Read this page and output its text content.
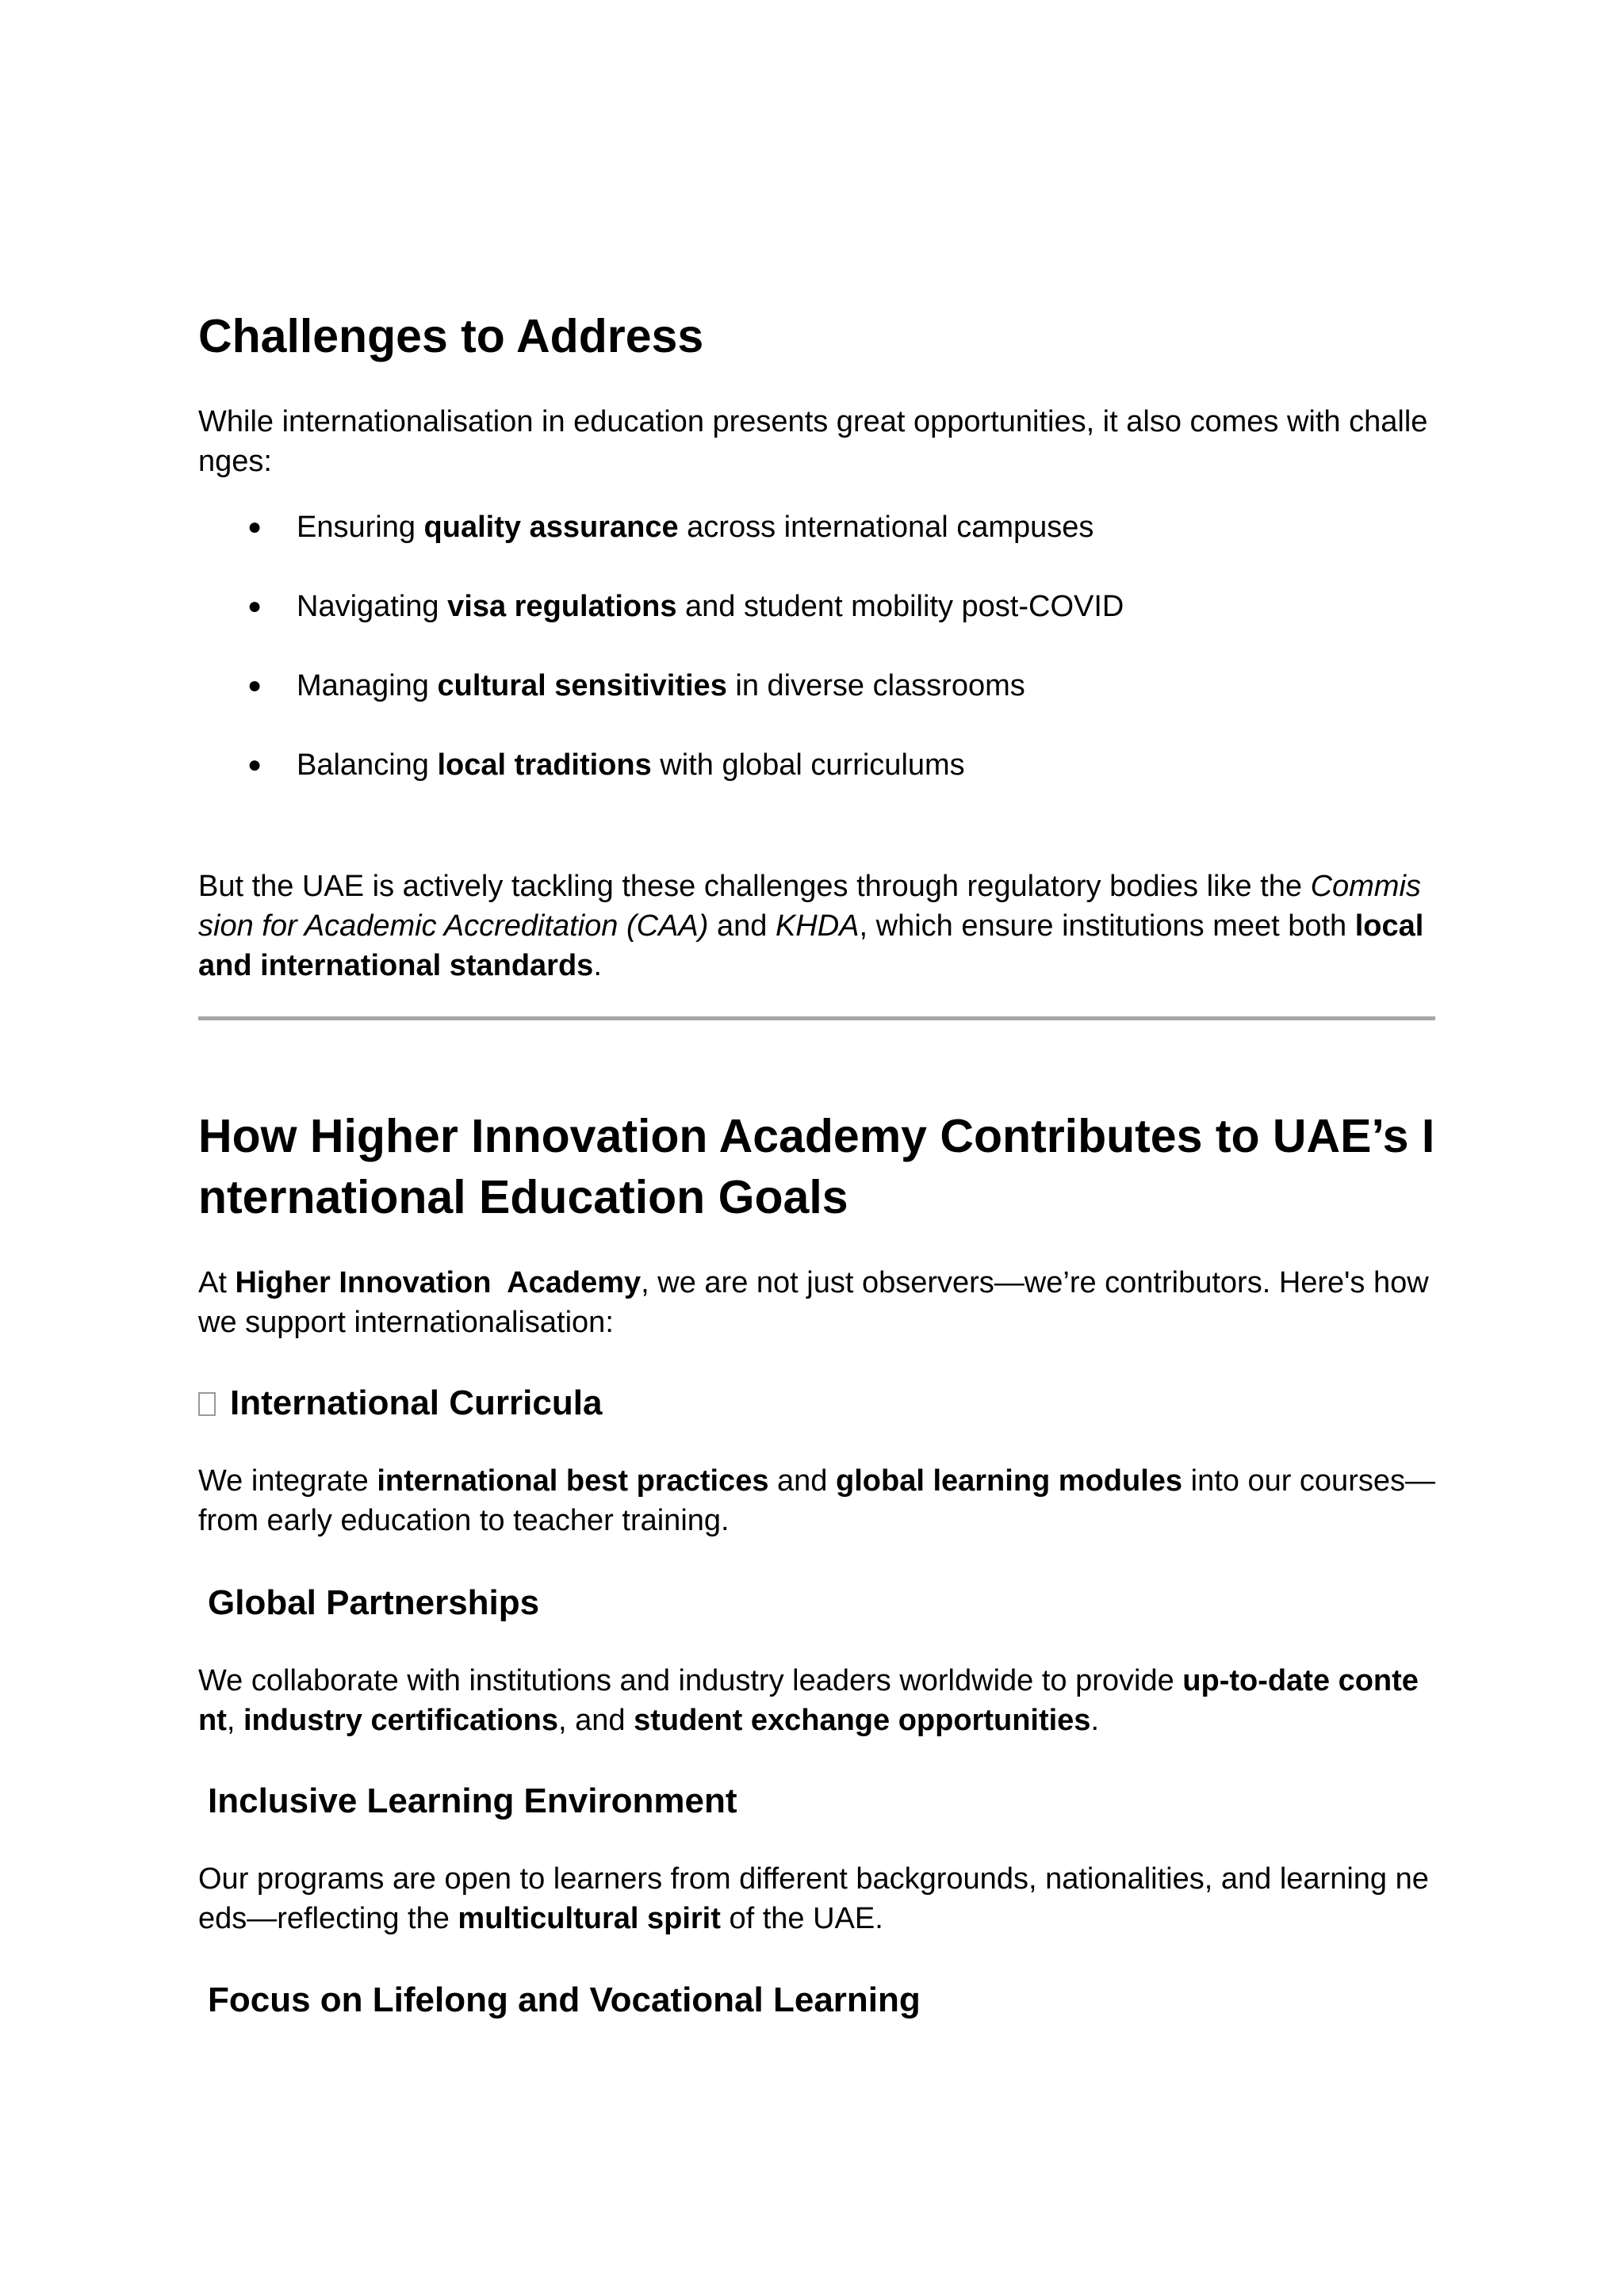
Challenges to Address

While internationalisation in education presents great opportunities, it also comes with challenges:

● Ensuring quality assurance across international campuses
● Navigating visa regulations and student mobility post-COVID
● Managing cultural sensitivities in diverse classrooms
● Balancing local traditions with global curriculums

But the UAE is actively tackling these challenges through regulatory bodies like the Commission for Academic Accreditation (CAA) and KHDA, which ensure institutions meet both local and international standards.

How Higher Innovation Academy Contributes to UAE’s International Education Goals

At Higher Innovation  Academy, we are not just observers—we’re contributors. Here's how we support internationalisation:

International Curricula

We integrate international best practices and global learning modules into our courses—from early education to teacher training.

Global Partnerships

We collaborate with institutions and industry leaders worldwide to provide up-to-date content, industry certifications, and student exchange opportunities.

Inclusive Learning Environment

Our programs are open to learners from different backgrounds, nationalities, and learning needs—reflecting the multicultural spirit of the UAE.

Focus on Lifelong and Vocational Learning
